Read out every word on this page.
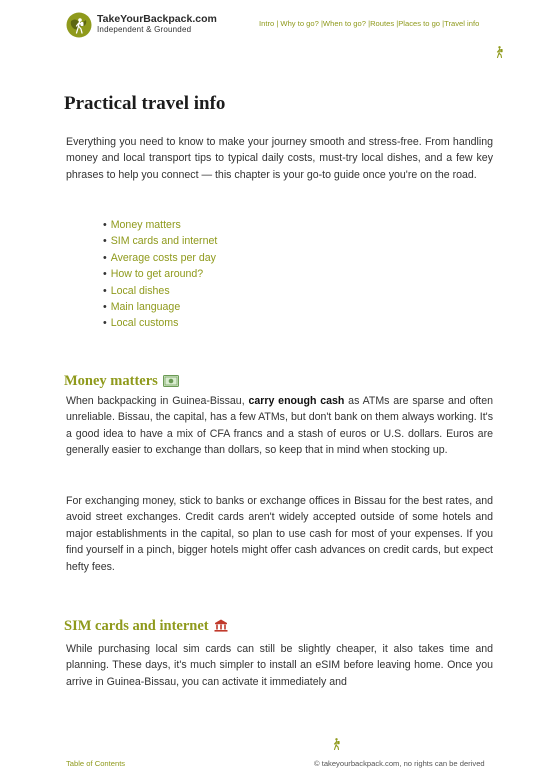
TakeYourBackpack.com
Independent & Grounded
Intro | Why to go? |When to go? |Routes |Places to go |Travel info
Practical travel info

Everything you need to know to make your journey smooth and stress-free. From handling money and local transport tips to typical daily costs, must-try local dishes, and a few key phrases to help you connect — this chapter is your go-to guide once you're on the road.

• Money matters
• SIM cards and internet
• Average costs per day
• How to get around?
• Local dishes
• Main language
• Local customs
Money matters

When backpacking in Guinea-Bissau, carry enough cash as ATMs are sparse and often unreliable. Bissau, the capital, has a few ATMs, but don't bank on them always working. It's a good idea to have a mix of CFA francs and a stash of euros or U.S. dollars. Euros are generally easier to exchange than dollars, so keep that in mind when stocking up.

For exchanging money, stick to banks or exchange offices in Bissau for the best rates, and avoid street exchanges. Credit cards aren't widely accepted outside of some hotels and major establishments in the capital, so plan to use cash for most of your expenses. If you find yourself in a pinch, bigger hotels might offer cash advances on credit cards, but expect hefty fees.

SIM cards and internet

While purchasing local sim cards can still be slightly cheaper, it also takes time and planning. These days, it's much simpler to install an eSIM before leaving home. Once you arrive in Guinea-Bissau, you can activate it immediately and

Table of Contents	© takeyourbackpack.com, no rights can be derived
